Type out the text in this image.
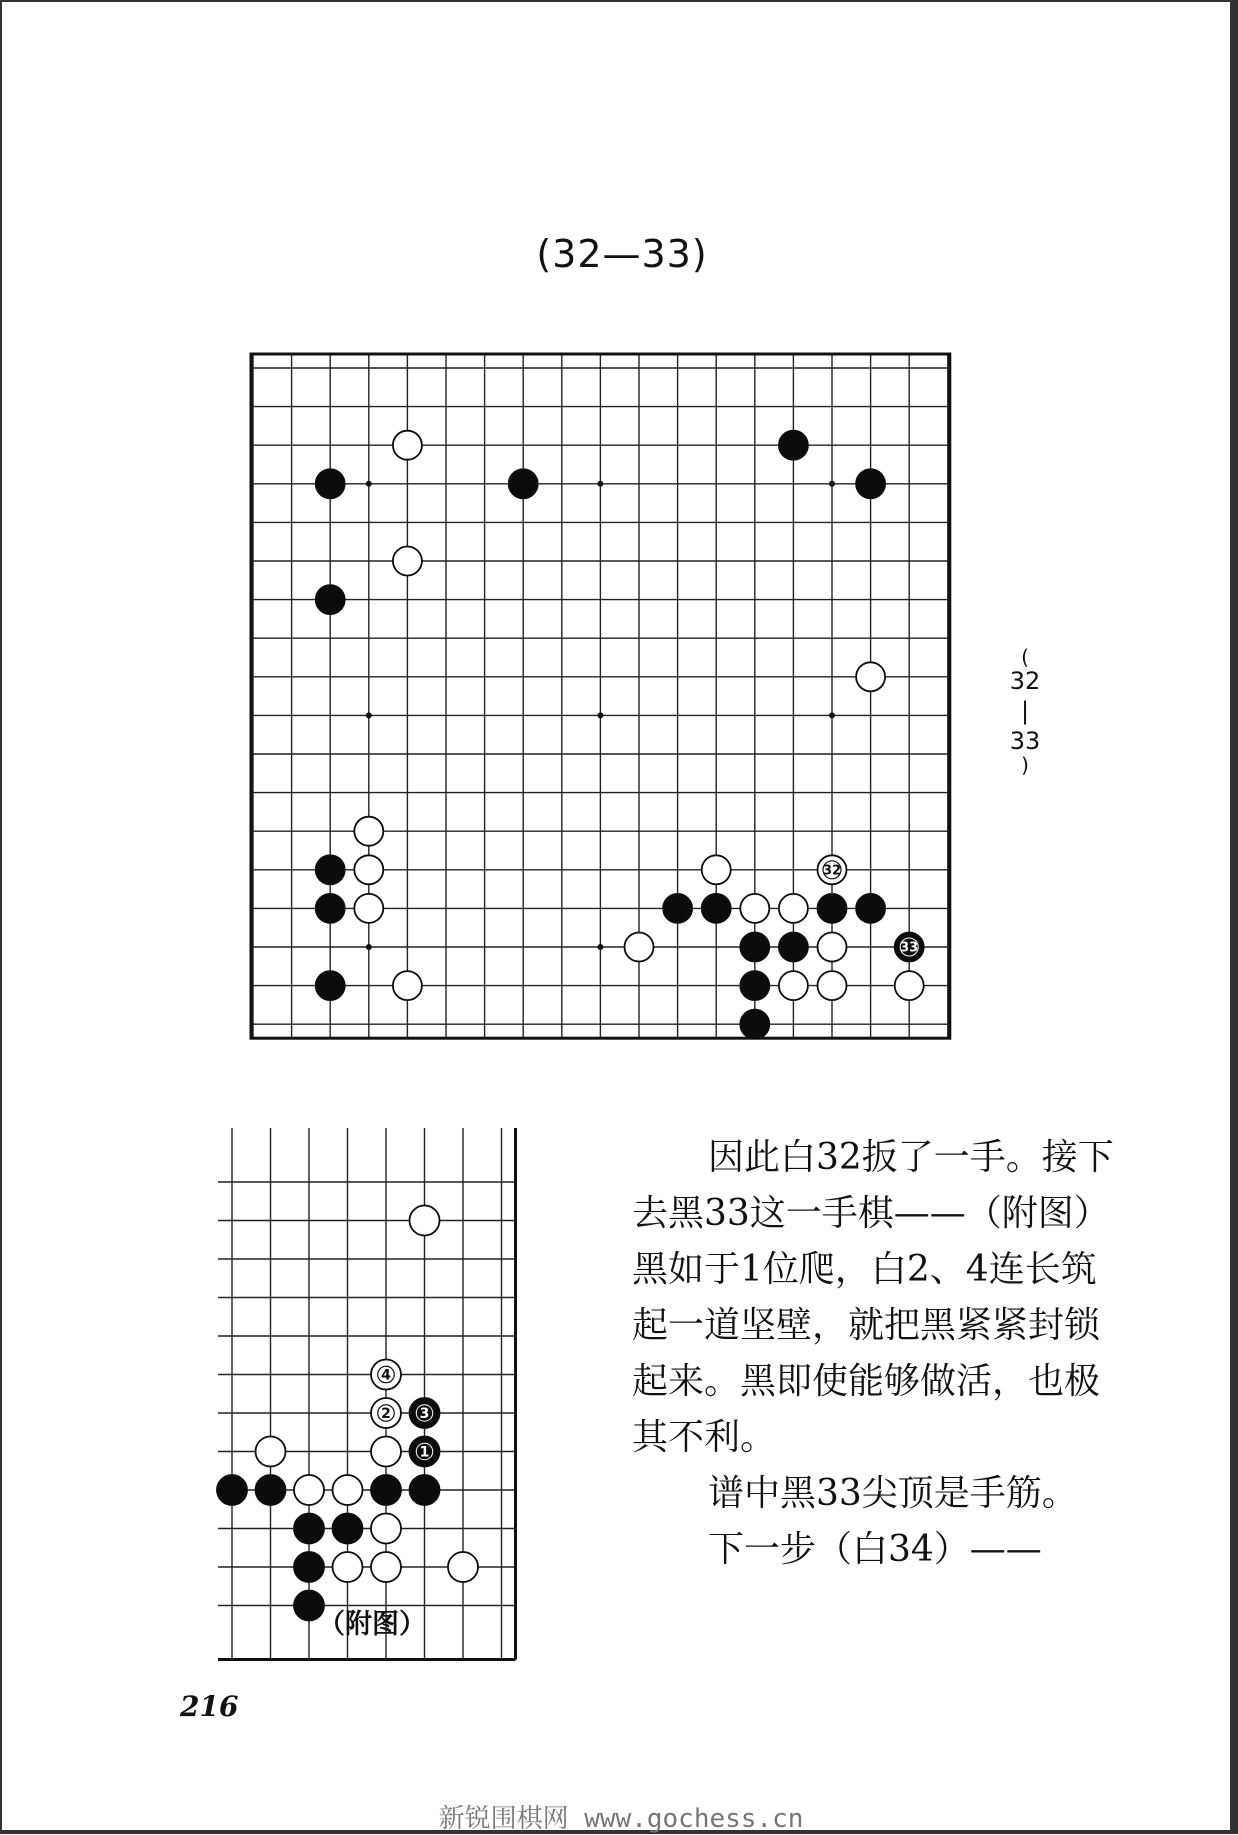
(32—33)
32
33
(
32
|
33
)
4
2 3
1

因此白32扳了一手。接下去黑33这一手棋——（附图）黑如于1位爬，白2、4连长筑起一道坚壁，就把黑紧紧封锁起来。黑即使能够做活，也极其不利。

谱中黑33尖顶是手筋。

下一步（白34）——

（附图）
216
新锐围棋网 www.gochess.cn
